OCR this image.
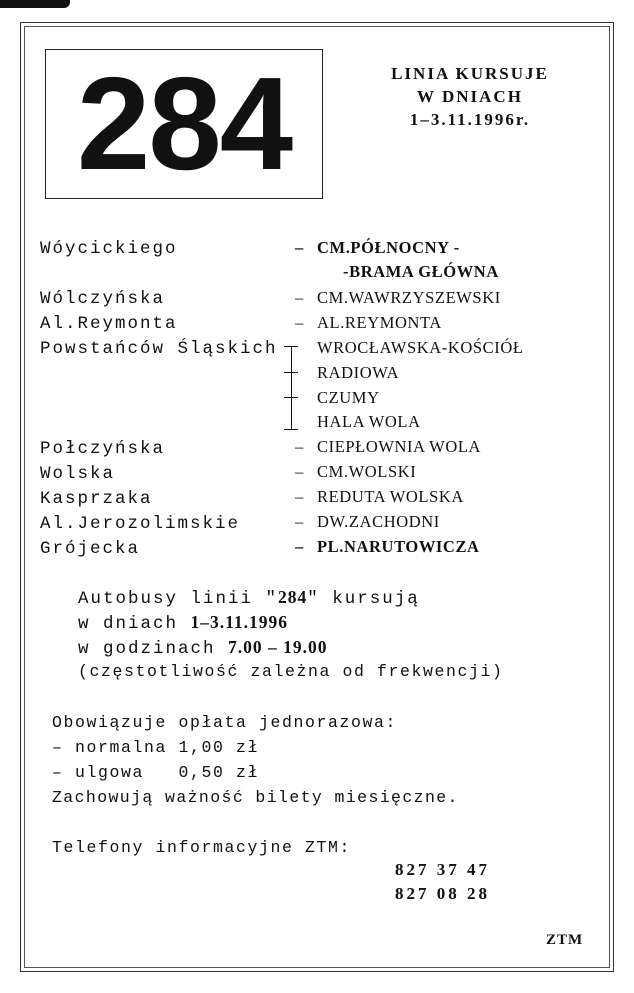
284	LINIA KURSUJE
W DNIACH
1–3.11.1996r.
Wóycickiego	– CM.PÓŁNOCNY -
-BRAMA GŁÓWNA
Wólczyńska	– CM.WAWRZYSZEWSKI
Al.Reymonta	– AL.REYMONTA
Powstańców Śląskich	WROCŁAWSKA-KOŚCIÓŁ
RADIOWA
CZUMY
HALA WOLA
Połczyńska	– CIEPŁOWNIA WOLA
Wolska	– CM.WOLSKI
Kasprzaka	– REDUTA WOLSKA
Al.Jerozolimskie	– DW.ZACHODNI
Grójecka	– PL.NARUTOWICZA
Autobusy linii "284" kursują
w dniach 1–3.11.1996
w godzinach 7.00 – 19.00
(częstotliwość zależna od frekwencji)
Obowiązuje opłata jednorazowa:
– normalna 1,00 zł
– ulgowa   0,50 zł
Zachowują ważność bilety miesięczne.
Telefony informacyjne ZTM:
827 37 47
827 08 28
ZTM
